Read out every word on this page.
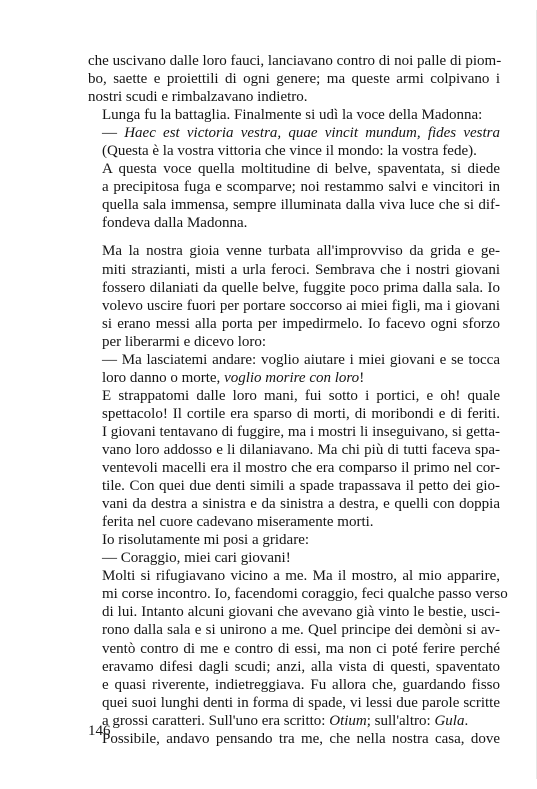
che uscivano dalle loro fauci, lanciavano contro di noi palle di piom-
bo, saette e proiettili di ogni genere; ma queste armi colpivano i
nostri scudi e rimbalzavano indietro.

Lunga fu la battaglia. Finalmente si udì la voce della Madonna:

— Haec est victoria vestra, quae vincit mundum, fides vestra
(Questa è la vostra vittoria che vince il mondo: la vostra fede).

A questa voce quella moltitudine di belve, spaventata, si diede
a precipitosa fuga e scomparve; noi restammo salvi e vincitori in
quella sala immensa, sempre illuminata dalla viva luce che si dif-
fondeva dalla Madonna.

Ma la nostra gioia venne turbata all'improvviso da grida e ge-
miti strazianti, misti a urla feroci. Sembrava che i nostri giovani
fossero dilaniati da quelle belve, fuggite poco prima dalla sala. Io
volevo uscire fuori per portare soccorso ai miei figli, ma i giovani
si erano messi alla porta per impedirmelo. Io facevo ogni sforzo
per liberarmi e dicevo loro:

— Ma lasciatemi andare: voglio aiutare i miei giovani e se tocca
loro danno o morte, voglio morire con loro!

E strappatomi dalle loro mani, fui sotto i portici, e oh! quale
spettacolo! Il cortile era sparso di morti, di moribondi e di feriti.
I giovani tentavano di fuggire, ma i mostri li inseguivano, si getta-
vano loro addosso e li dilaniavano. Ma chi più di tutti faceva spa-
ventevoli macelli era il mostro che era comparso il primo nel cor-
tile. Con quei due denti simili a spade trapassava il petto dei gio-
vani da destra a sinistra e da sinistra a destra, e quelli con doppia
ferita nel cuore cadevano miseramente morti.

Io risolutamente mi posi a gridare:

— Coraggio, miei cari giovani!

Molti si rifugiavano vicino a me. Ma il mostro, al mio apparire,
mi corse incontro. Io, facendomi coraggio, feci qualche passo verso
di lui. Intanto alcuni giovani che avevano già vinto le bestie, usci-
rono dalla sala e si unirono a me. Quel principe dei demòni si av-
ventò contro di me e contro di essi, ma non ci poté ferire perché
eravamo difesi dagli scudi; anzi, alla vista di questi, spaventato
e quasi riverente, indietreggiava. Fu allora che, guardando fisso
quei suoi lunghi denti in forma di spade, vi lessi due parole scritte
a grossi caratteri. Sull'uno era scritto: Otium; sull'altro: Gula.

Possibile, andavo pensando tra me, che nella nostra casa, dove

146
